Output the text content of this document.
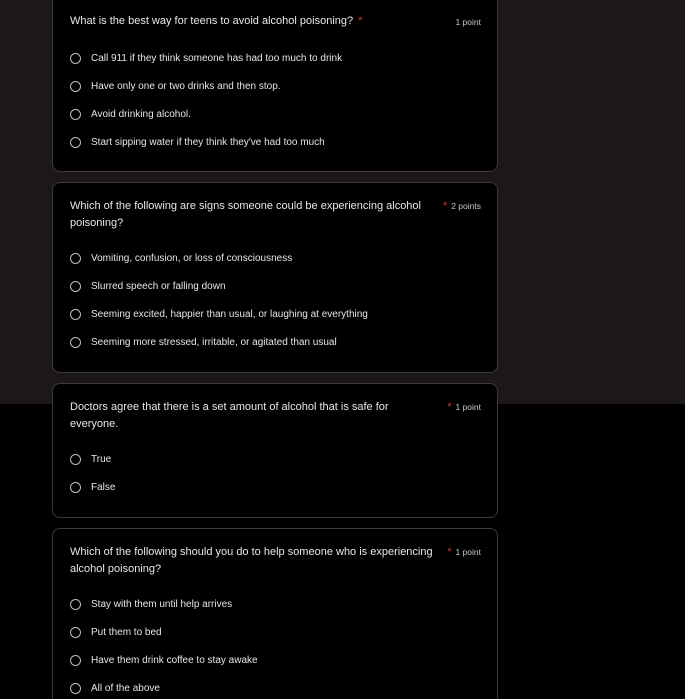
What is the best way for teens to avoid alcohol poisoning? *	1 point
Call 911 if they think someone has had too much to drink
Have only one or two drinks and then stop.
Avoid drinking alcohol.
Start sipping water if they think they've had too much
Which of the following are signs someone could be experiencing alcohol poisoning?
* 2 points
Vomiting, confusion, or loss of consciousness
Slurred speech or falling down
Seeming excited, happier than usual, or laughing at everything
Seeming more stressed, irritable, or agitated than usual
Doctors agree that there is a set amount of alcohol that is safe for everyone.
* 1 point
True
False
Which of the following should you do to help someone who is experiencing alcohol poisoning?
* 1 point
Stay with them until help arrives
Put them to bed
Have them drink coffee to stay awake
All of the above
